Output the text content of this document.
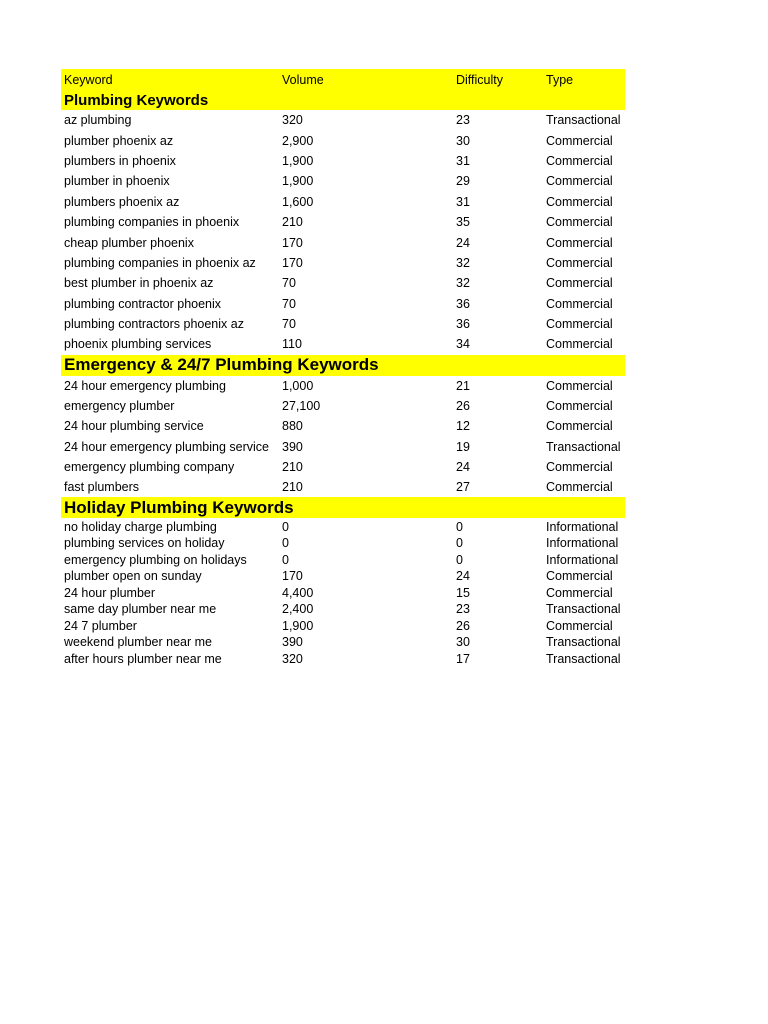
Keyword	Volume	Difficulty	Type
Plumbing Keywords
az plumbing	320	23	Transactional
plumber phoenix az	2,900	30	Commercial
plumbers in phoenix	1,900	31	Commercial
plumber in phoenix	1,900	29	Commercial
plumbers phoenix az	1,600	31	Commercial
plumbing companies in phoenix	210	35	Commercial
cheap plumber phoenix	170	24	Commercial
plumbing companies in phoenix az	170	32	Commercial
best plumber in phoenix az	70	32	Commercial
plumbing contractor phoenix	70	36	Commercial
plumbing contractors phoenix az	70	36	Commercial
phoenix plumbing services	110	34	Commercial
Emergency & 24/7 Plumbing Keywords
24 hour emergency plumbing	1,000	21	Commercial
emergency plumber	27,100	26	Commercial
24 hour plumbing service	880	12	Commercial
24 hour emergency plumbing service	390	19	Transactional
emergency plumbing company	210	24	Commercial
fast plumbers	210	27	Commercial
Holiday Plumbing Keywords
no holiday charge plumbing	0	0	Informational
plumbing services on holiday	0	0	Informational
emergency plumbing on holidays	0	0	Informational
plumber open on sunday	170	24	Commercial
24 hour plumber	4,400	15	Commercial
same day plumber near me	2,400	23	Transactional
24 7 plumber	1,900	26	Commercial
weekend plumber near me	390	30	Transactional
after hours plumber near me	320	17	Transactional
